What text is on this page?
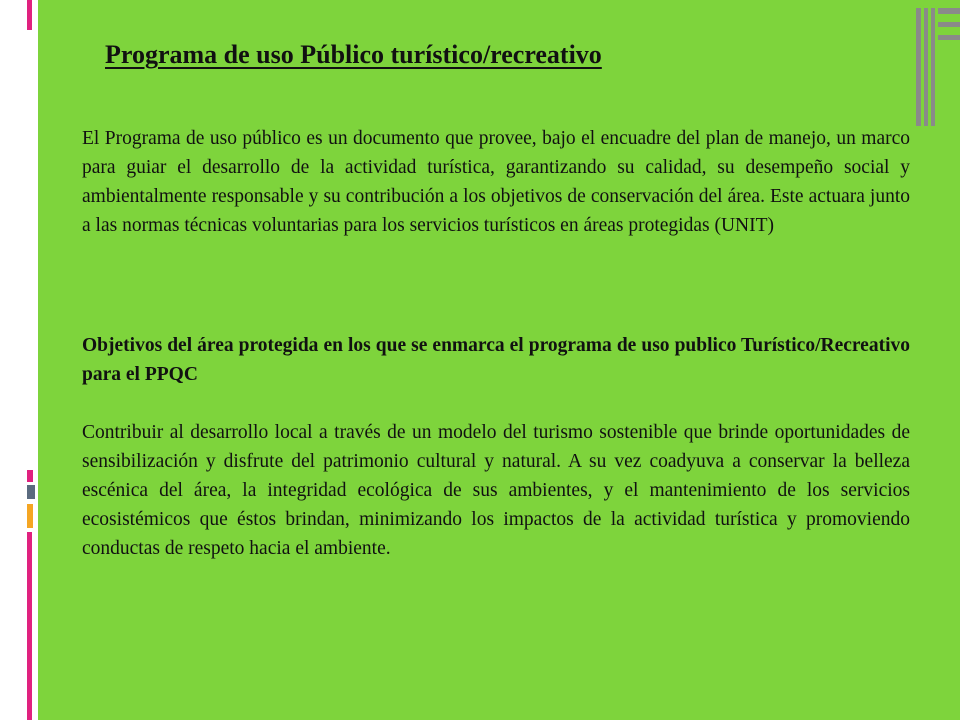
Programa de uso Público turístico/recreativo

El Programa de uso público es un documento que provee, bajo el encuadre del plan de manejo, un marco para guiar el desarrollo de la actividad turística, garantizando su calidad, su desempeño social y ambientalmente responsable y su contribución a los objetivos de conservación del área. Este actuara junto a las normas técnicas voluntarias para los servicios turísticos en áreas protegidas (UNIT)

Objetivos del área protegida en los que se enmarca el programa de uso publico Turístico/Recreativo para el PPQC

Contribuir al desarrollo local a través de un modelo del turismo sostenible que brinde oportunidades de sensibilización y disfrute del patrimonio cultural y natural. A su vez coadyuva a conservar la belleza escénica del área, la integridad ecológica de sus ambientes, y el mantenimiento de los servicios ecosistémicos que éstos brindan, minimizando los impactos de la actividad turística y promoviendo conductas de respeto hacia el ambiente.
